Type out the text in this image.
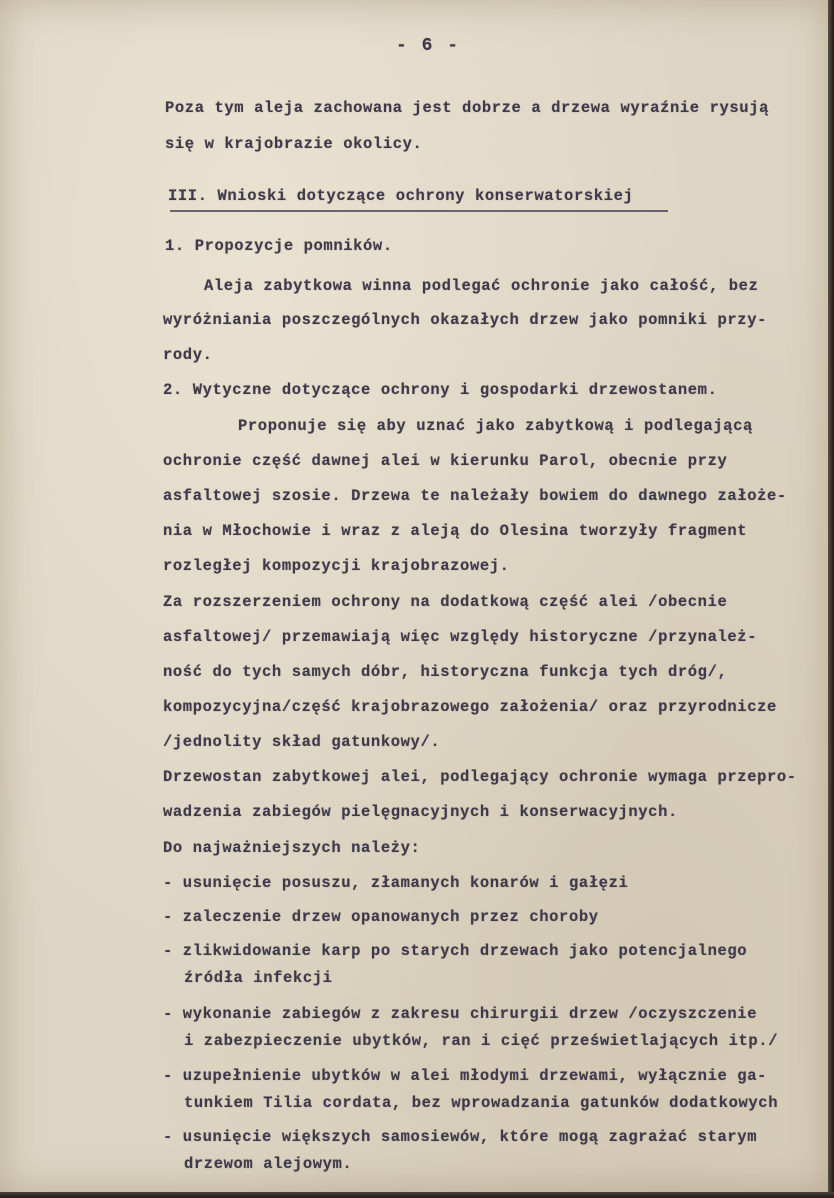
- 6 -
Poza tym aleja zachowana jest dobrze a drzewa wyraźnie rysują
się w krajobrazie okolicy.
III. Wnioski dotyczące ochrony konserwatorskiej
1. Propozycje pomników.
Aleja zabytkowa winna podlegać ochronie jako całość, bez
wyróżniania poszczególnych okazałych drzew jako pomniki przy-
rody.
2. Wytyczne dotyczące ochrony i gospodarki drzewostanem.
Proponuje się aby uznać jako zabytkową i podlegającą
ochronie część dawnej alei w kierunku Parol, obecnie przy
asfaltowej szosie. Drzewa te należały bowiem do dawnego założe-
nia w Młochowie i wraz z aleją do Olesina tworzyły fragment
rozległej kompozycji krajobrazowej.
Za rozszerzeniem ochrony na dodatkową część alei /obecnie
asfaltowej/ przemawiają więc względy historyczne /przynależ-
ność do tych samych dóbr, historyczna funkcja tych dróg/,
kompozycyjna/część krajobrazowego założenia/ oraz przyrodnicze
/jednolity skład gatunkowy/.
Drzewostan zabytkowej alei, podlegający ochronie wymaga przepro-
wadzenia zabiegów pielęgnacyjnych i konserwacyjnych.
Do najważniejszych należy:
- usunięcie posuszu, złamanych konarów i gałęzi
- zaleczenie drzew opanowanych przez choroby
- zlikwidowanie karp po starych drzewach jako potencjalnego
źródła infekcji
- wykonanie zabiegów z zakresu chirurgii drzew /oczyszczenie
i zabezpieczenie ubytków, ran i cięć prześwietlających itp./
- uzupełnienie ubytków w alei młodymi drzewami, wyłącznie ga-
tunkiem Tilia cordata, bez wprowadzania gatunków dodatkowych
- usunięcie większych samosiewów, które mogą zagrażać starym
drzewom alejowym.
